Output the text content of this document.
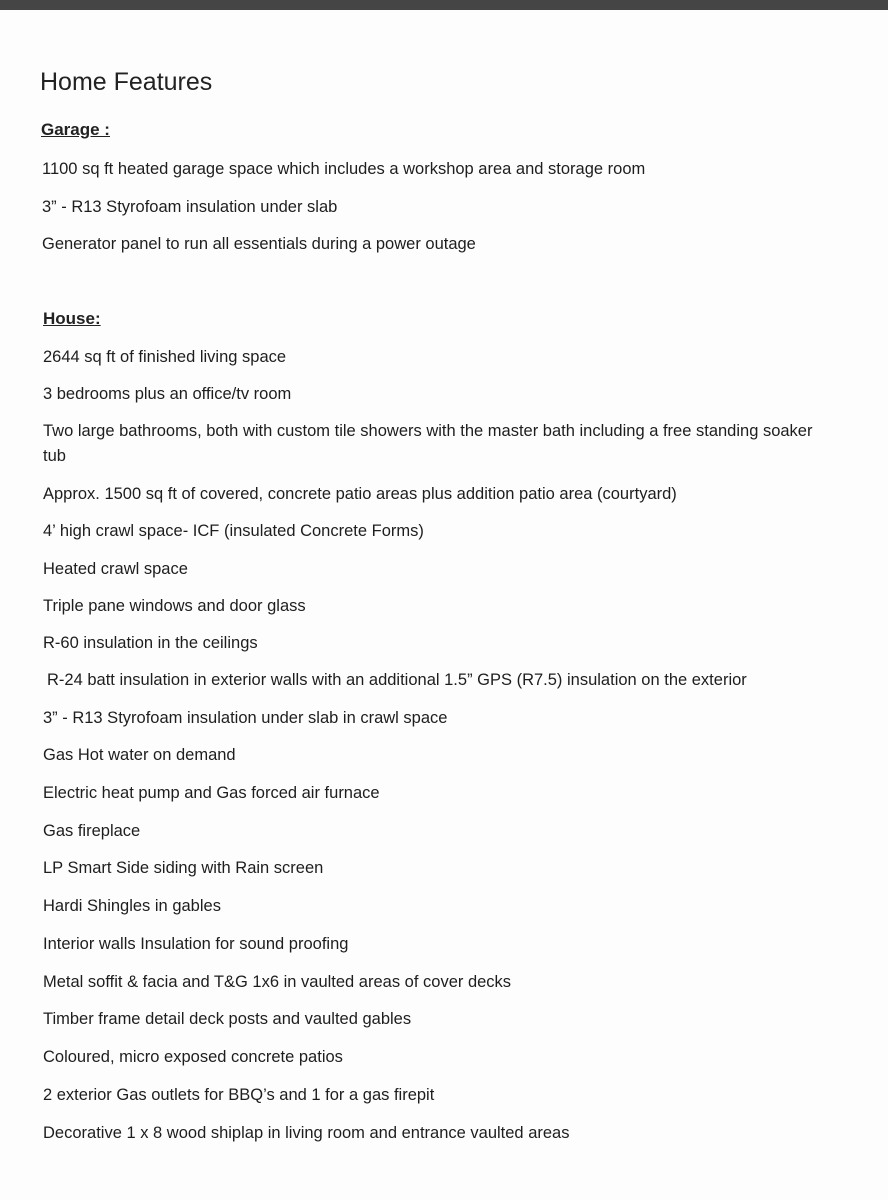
Home Features
Garage :
1100 sq ft heated garage space which includes a workshop area and storage room
3” - R13 Styrofoam insulation under slab
Generator panel to run all essentials during a power outage
House:
2644 sq ft of finished living space
3 bedrooms plus an office/tv room
Two large bathrooms, both with custom tile showers with the master bath including a free standing soaker tub
Approx. 1500 sq ft of covered, concrete patio areas plus addition patio area (courtyard)
4’ high crawl space- ICF (insulated Concrete Forms)
Heated crawl space
Triple pane windows and door glass
R-60 insulation in the ceilings
R-24 batt insulation in exterior walls with an additional 1.5” GPS (R7.5) insulation on the exterior
3” - R13 Styrofoam insulation under slab in crawl space
Gas Hot water on demand
Electric heat pump and Gas forced air furnace
Gas fireplace
LP Smart Side siding with Rain screen
Hardi Shingles in gables
Interior walls Insulation for sound proofing
Metal soffit & facia and T&G 1x6 in vaulted areas of cover decks
Timber frame detail deck posts and vaulted gables
Coloured, micro exposed concrete patios
2 exterior Gas outlets for BBQ’s and 1 for a gas firepit
Decorative 1 x 8 wood shiplap in living room and entrance vaulted areas
